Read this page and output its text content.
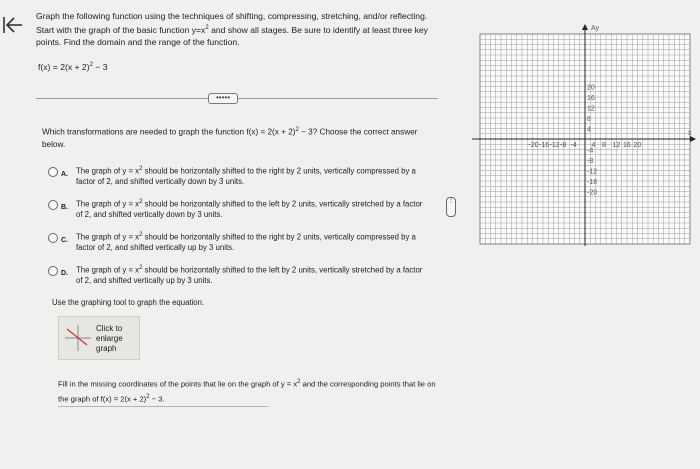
Graph the following function using the techniques of shifting, compressing, stretching, and/or reflecting. Start with the graph of the basic function $y=x^2$ and show all stages. Be sure to identify at least three key points. Find the domain and the range of the function.
$f(x) = 2(x + 2)^2 - 3$
•••••
Which transformations are needed to graph the function $f(x) = 2(x + 2)^2 - 3$? Choose the correct answer below.
A. The graph of $y = x^2$ should be horizontally shifted to the right by 2 units, vertically compressed by a factor of 2, and shifted vertically down by 3 units.
B. The graph of $y = x^2$ should be horizontally shifted to the left by 2 units, vertically stretched by a factor of 2, and shifted vertically down by 3 units.
C. The graph of $y = x^2$ should be horizontally shifted to the right by 2 units, vertically compressed by a factor of 2, and shifted vertically up by 3 units.
D. The graph of $y = x^2$ should be horizontally shifted to the left by 2 units, vertically stretched by a factor of 2, and shifted vertically up by 3 units.
Use the graphing tool to graph the equation.
Click to enlarge graph
Fill in the missing coordinates of the points that lie on the graph of $y = x^2$ and the corresponding points that lie on the graph of $f(x) = 2(x + 2)^2 - 3$.
⋮
-20 -16 -12 -8 -4 4 8 12 16 20
20
16
12
8
4
-4
-8
-12
-16
-20
x
Ay
